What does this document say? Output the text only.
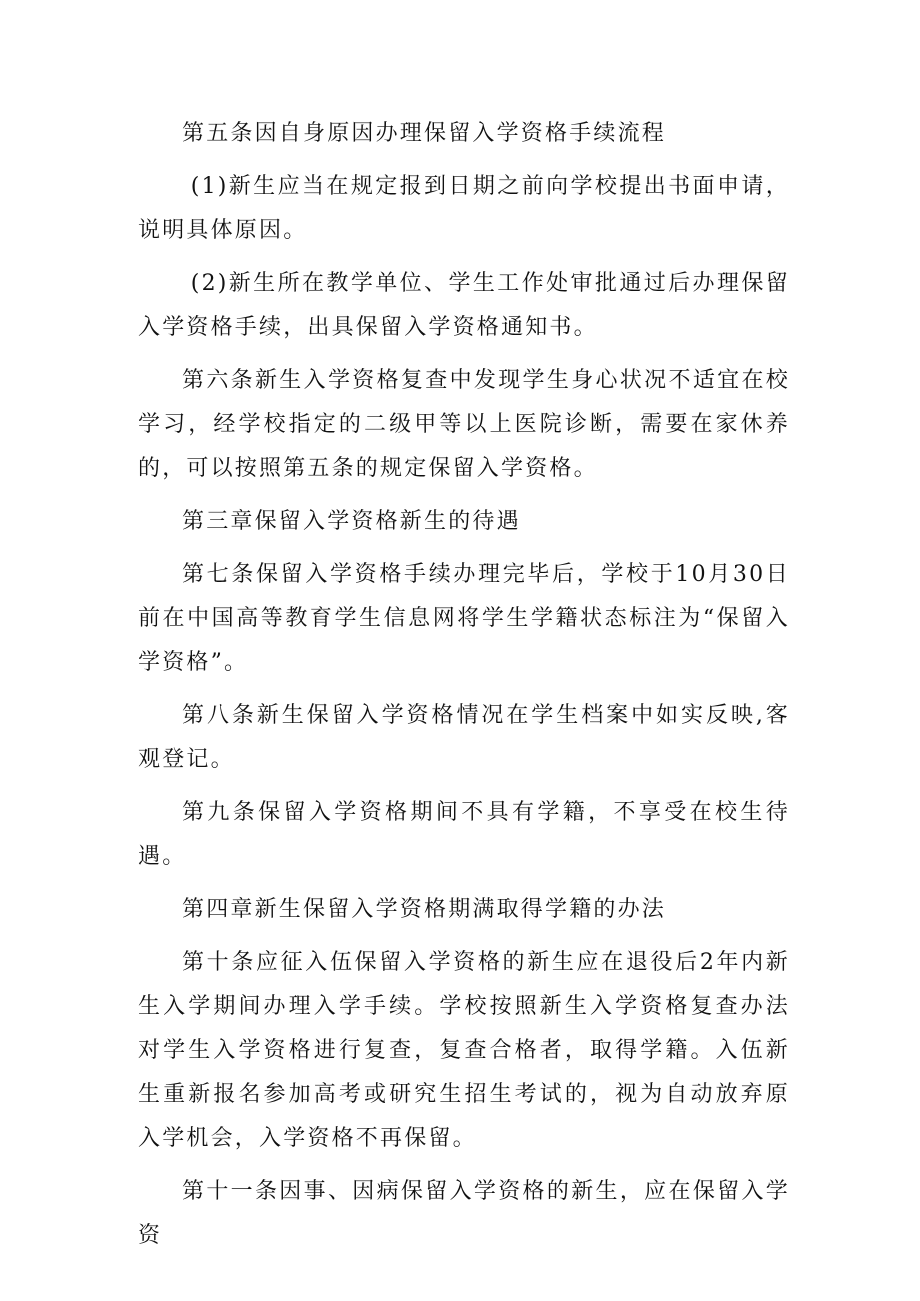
第五条因自身原因办理保留入学资格手续流程

(1)新生应当在规定报到日期之前向学校提出书面申请，说明具体原因。

(2)新生所在教学单位、学生工作处审批通过后办理保留入学资格手续，出具保留入学资格通知书。

第六条新生入学资格复查中发现学生身心状况不适宜在校学习，经学校指定的二级甲等以上医院诊断，需要在家休养的，可以按照第五条的规定保留入学资格。

第三章保留入学资格新生的待遇

第七条保留入学资格手续办理完毕后，学校于10月30日前在中国高等教育学生信息网将学生学籍状态标注为“保留入学资格”。

第八条新生保留入学资格情况在学生档案中如实反映,客观登记。

第九条保留入学资格期间不具有学籍，不享受在校生待遇。

第四章新生保留入学资格期满取得学籍的办法

第十条应征入伍保留入学资格的新生应在退役后2年内新生入学期间办理入学手续。学校按照新生入学资格复查办法对学生入学资格进行复查，复查合格者，取得学籍。入伍新生重新报名参加高考或研究生招生考试的，视为自动放弃原入学机会，入学资格不再保留。

第十一条因事、因病保留入学资格的新生，应在保留入学资
